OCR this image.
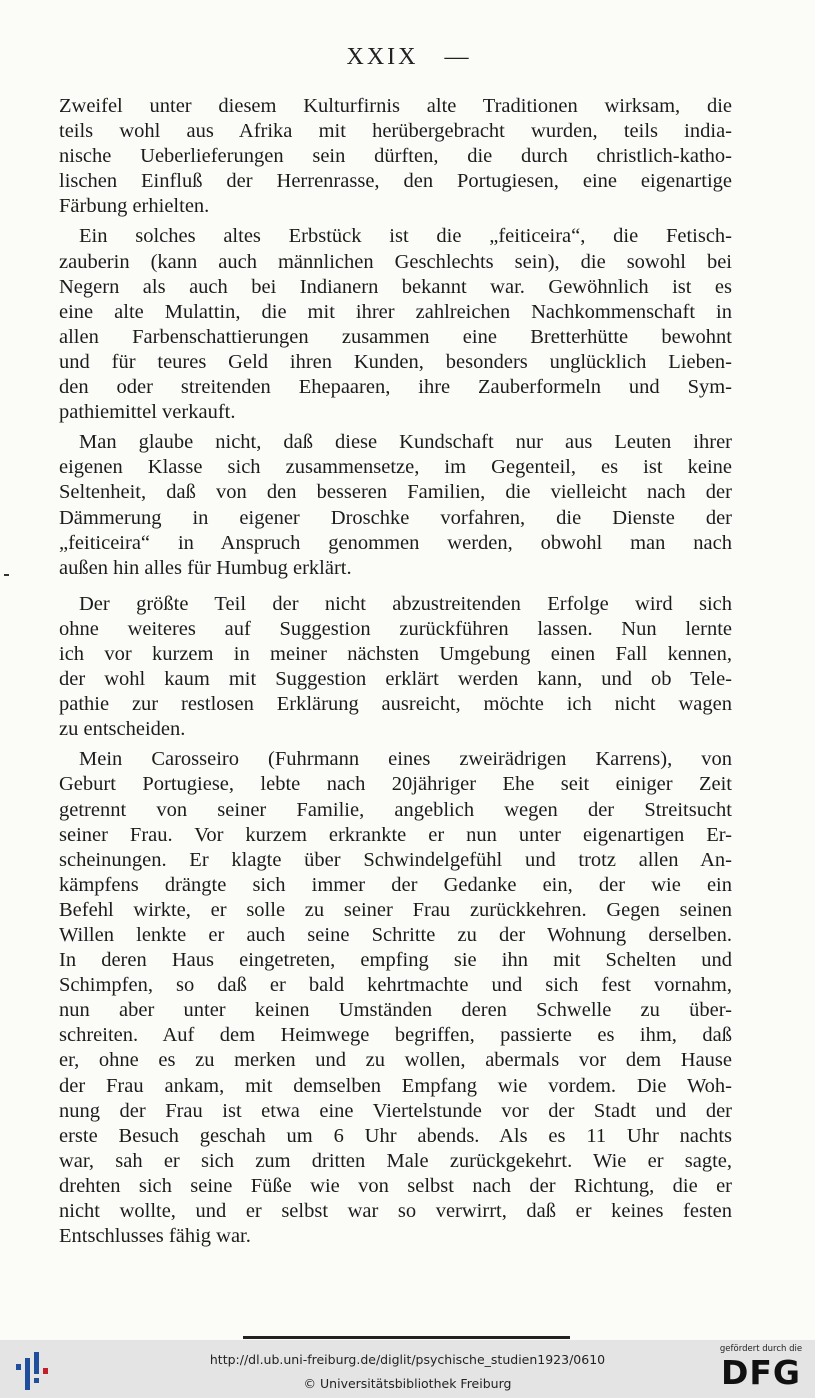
XXIX —
Zweifel unter diesem Kulturfirnis alte Traditionen wirksam, die
teils wohl aus Afrika mit herübergebracht wurden, teils india-
nische Ueberlieferungen sein dürften, die durch christlich-katho-
lischen Einfluß der Herrenrasse, den Portugiesen, eine eigenartige
Färbung erhielten.
Ein solches altes Erbstück ist die „feiticeira“, die Fetisch-
zauberin (kann auch männlichen Geschlechts sein), die sowohl bei
Negern als auch bei Indianern bekannt war. Gewöhnlich ist es
eine alte Mulattin, die mit ihrer zahlreichen Nachkommenschaft in
allen Farbenschattierungen zusammen eine Bretterhütte bewohnt
und für teures Geld ihren Kunden, besonders unglücklich Lieben-
den oder streitenden Ehepaaren, ihre Zauberformeln und Sym-
pathiemittel verkauft.
Man glaube nicht, daß diese Kundschaft nur aus Leuten ihrer
eigenen Klasse sich zusammensetze, im Gegenteil, es ist keine
Seltenheit, daß von den besseren Familien, die vielleicht nach der
Dämmerung in eigener Droschke vorfahren, die Dienste der
„feiticeira“ in Anspruch genommen werden, obwohl man nach
außen hin alles für Humbug erklärt.
Der größte Teil der nicht abzustreitenden Erfolge wird sich
ohne weiteres auf Suggestion zurückführen lassen. Nun lernte
ich vor kurzem in meiner nächsten Umgebung einen Fall kennen,
der wohl kaum mit Suggestion erklärt werden kann, und ob Tele-
pathie zur restlosen Erklärung ausreicht, möchte ich nicht wagen
zu entscheiden.
Mein Carosseiro (Fuhrmann eines zweirädrigen Karrens), von
Geburt Portugiese, lebte nach 20jähriger Ehe seit einiger Zeit
getrennt von seiner Familie, angeblich wegen der Streitsucht
seiner Frau. Vor kurzem erkrankte er nun unter eigenartigen Er-
scheinungen. Er klagte über Schwindelgefühl und trotz allen An-
kämpfens drängte sich immer der Gedanke ein, der wie ein
Befehl wirkte, er solle zu seiner Frau zurückkehren. Gegen seinen
Willen lenkte er auch seine Schritte zu der Wohnung derselben.
In deren Haus eingetreten, empfing sie ihn mit Schelten und
Schimpfen, so daß er bald kehrtmachte und sich fest vornahm,
nun aber unter keinen Umständen deren Schwelle zu über-
schreiten. Auf dem Heimwege begriffen, passierte es ihm, daß
er, ohne es zu merken und zu wollen, abermals vor dem Hause
der Frau ankam, mit demselben Empfang wie vordem. Die Woh-
nung der Frau ist etwa eine Viertelstunde vor der Stadt und der
erste Besuch geschah um 6 Uhr abends. Als es 11 Uhr nachts
war, sah er sich zum dritten Male zurückgekehrt. Wie er sagte,
drehten sich seine Füße wie von selbst nach der Richtung, die er
nicht wollte, und er selbst war so verwirrt, daß er keines festen
Entschlusses fähig war.
http://dl.ub.uni-freiburg.de/diglit/psychische_studien1923/0610
© Universitätsbibliothek Freiburg
gefördert durch die
DFG
